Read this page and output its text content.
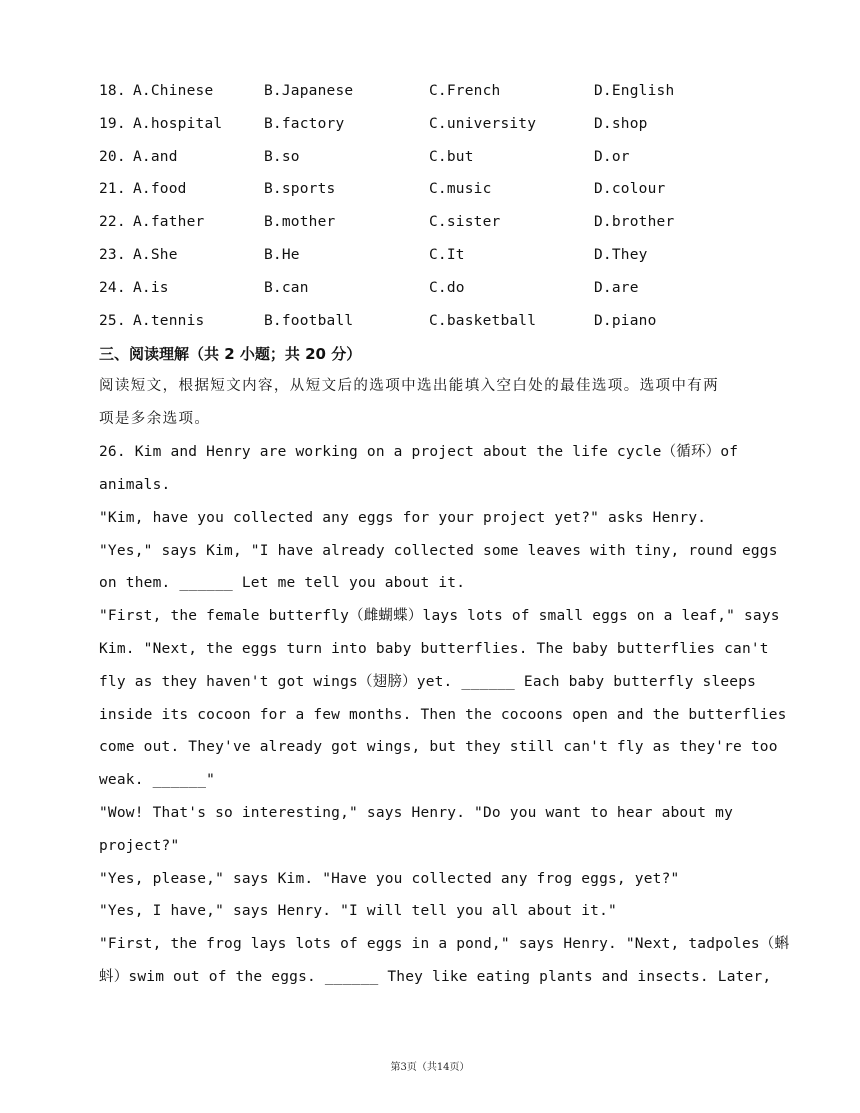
18. A.Chinese	B.Japanese	C.French	D.English
19. A.hospital	B.factory	C.university	D.shop
20. A.and	B.so	C.but	D.or
21. A.food	B.sports	C.music	D.colour
22. A.father	B.mother	C.sister	D.brother
23. A.She	B.He	C.It	D.They
24. A.is	B.can	C.do	D.are
25. A.tennis	B.football	C.basketball	D.piano
三、阅读理解（共 2 小题；共 20 分）
阅读短文，根据短文内容，从短文后的选项中选出能填入空白处的最佳选项。选项中有两
项是多余选项。
26. Kim and Henry are working on a project about the life cycle（循环）of
animals.
"Kim, have you collected any eggs for your project yet?" asks Henry.
"Yes," says Kim, "I have already collected some leaves with tiny, round eggs
on them. ______ Let me tell you about it.
"First, the female butterfly（雌蝴蝶）lays lots of small eggs on a leaf," says
Kim. "Next, the eggs turn into baby butterflies. The baby butterflies can't
fly as they haven't got wings（翅膀）yet. ______ Each baby butterfly sleeps
inside its cocoon for a few months. Then the cocoons open and the butterflies
come out. They've already got wings, but they still can't fly as they're too
weak. ______"
"Wow! That's so interesting," says Henry. "Do you want to hear about my
project?"
"Yes, please," says Kim. "Have you collected any frog eggs, yet?"
"Yes, I have," says Henry. "I will tell you all about it."
"First, the frog lays lots of eggs in a pond," says Henry. "Next, tadpoles（蝌
蚪）swim out of the eggs. ______ They like eating plants and insects. Later,
第3页（共14页）
